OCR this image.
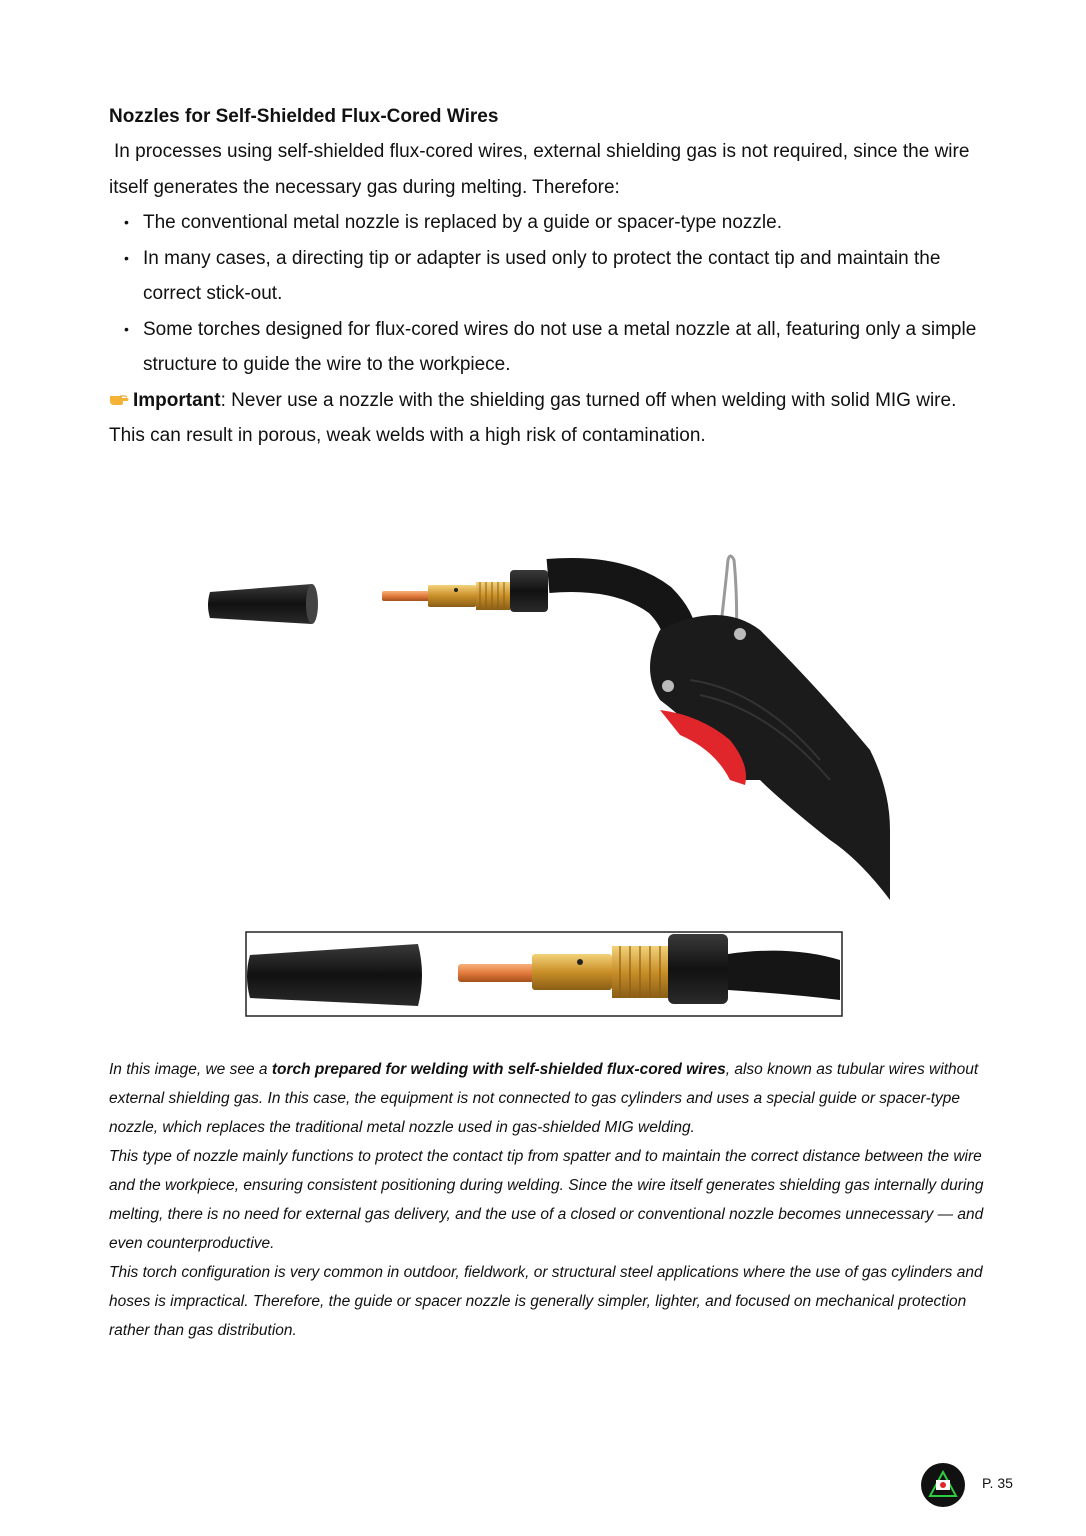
Nozzles for Self-Shielded Flux-Cored Wires

In processes using self-shielded flux-cored wires, external shielding gas is not required, since the wire itself generates the necessary gas during melting. Therefore:

• The conventional metal nozzle is replaced by a guide or spacer-type nozzle.
• In many cases, a directing tip or adapter is used only to protect the contact tip and maintain the correct stick-out.
• Some torches designed for flux-cored wires do not use a metal nozzle at all, featuring only a simple structure to guide the wire to the workpiece.

Important: Never use a nozzle with the shielding gas turned off when welding with solid MIG wire. This can result in porous, weak welds with a high risk of contamination.

In this image, we see a torch prepared for welding with self-shielded flux-cored wires, also known as tubular wires without external shielding gas. In this case, the equipment is not connected to gas cylinders and uses a special guide or spacer-type nozzle, which replaces the traditional metal nozzle used in gas-shielded MIG welding.

This type of nozzle mainly functions to protect the contact tip from spatter and to maintain the correct distance between the wire and the workpiece, ensuring consistent positioning during welding. Since the wire itself generates shielding gas internally during melting, there is no need for external gas delivery, and the use of a closed or conventional nozzle becomes unnecessary — and even counterproductive.

This torch configuration is very common in outdoor, fieldwork, or structural steel applications where the use of gas cylinders and hoses is impractical. Therefore, the guide or spacer nozzle is generally simpler, lighter, and focused on mechanical protection rather than gas distribution.

P. 35
